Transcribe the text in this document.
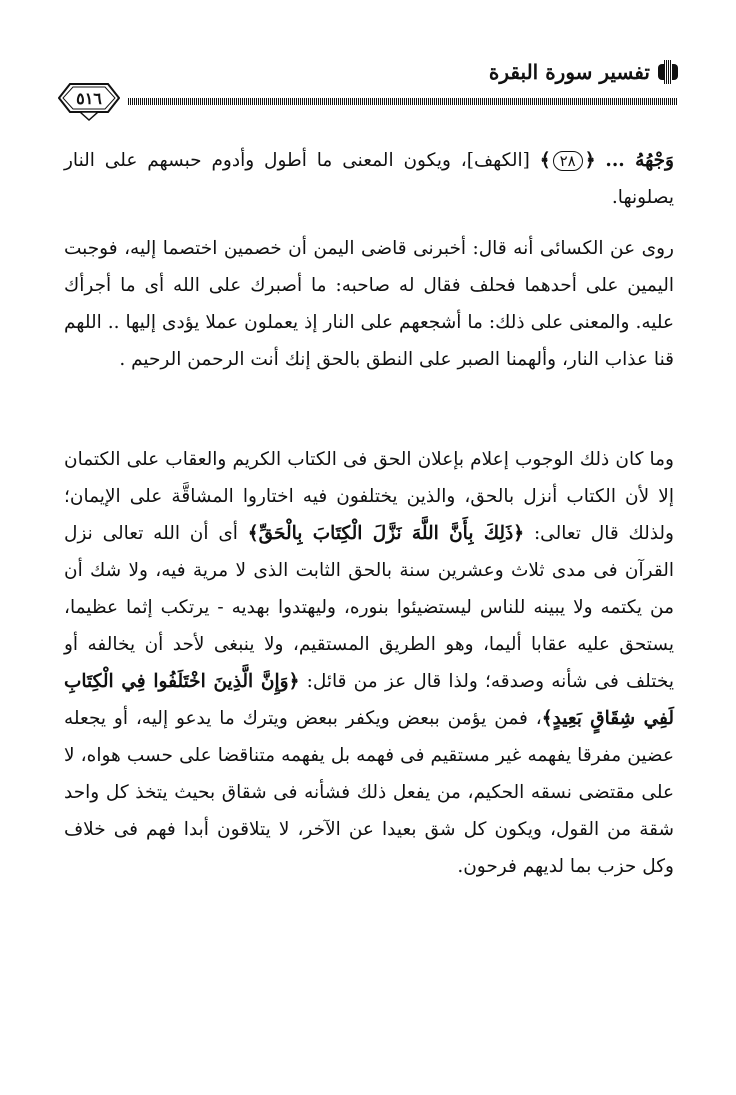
تفسير سورة البقرة
٥١٦

وَجْهُهُ ... ﴿٢٨﴾ [الكهف]، ويكون المعنى ما أطول وأدوم حبسهم على النار يصلونها.

روى عن الكسائى أنه قال: أخبرنى قاضى اليمن أن خصمين اختصما إليه، فوجبت اليمين على أحدهما فحلف فقال له صاحبه: ما أصبرك على الله أى ما أجرأك عليه. والمعنى على ذلك: ما أشجعهم على النار إذ يعملون عملا يؤدى إليها .. اللهم قنا عذاب النار، وألهمنا الصبر على النطق بالحق إنك أنت الرحمن الرحيم .

وما كان ذلك الوجوب إعلام بإعلان الحق فى الكتاب الكريم والعقاب على الكتمان إلا لأن الكتاب أنزل بالحق، والذين يختلفون فيه اختاروا المشاقَّة على الإيمان؛ ولذلك قال تعالى: ﴿ذَلِكَ بِأَنَّ اللَّهَ نَزَّلَ الْكِتَابَ بِالْحَقِّ﴾ أى أن الله تعالى نزل القرآن فى مدى ثلاث وعشرين سنة بالحق الثابت الذى لا مرية فيه، ولا شك أن من يكتمه ولا يبينه للناس ليستضيئوا بنوره، وليهتدوا بهديه - يرتكب إثما عظيما، يستحق عليه عقابا أليما، وهو الطريق المستقيم، ولا ينبغى لأحد أن يخالفه أو يختلف فى شأنه وصدقه؛ ولذا قال عز من قائل: ﴿وَإِنَّ الَّذِينَ اخْتَلَفُوا فِي الْكِتَابِ لَفِي شِقَاقٍ بَعِيدٍ﴾، فمن يؤمن ببعض ويكفر ببعض ويترك ما يدعو إليه، أو يجعله عضين مفرقا يفهمه غير مستقيم فى فهمه بل يفهمه متناقضا على حسب هواه، لا على مقتضى نسقه الحكيم، من يفعل ذلك فشأنه فى شقاق بحيث يتخذ كل واحد شقة من القول، ويكون كل شق بعيدا عن الآخر، لا يتلاقون أبدا فهم فى خلاف وكل حزب بما لديهم فرحون.
